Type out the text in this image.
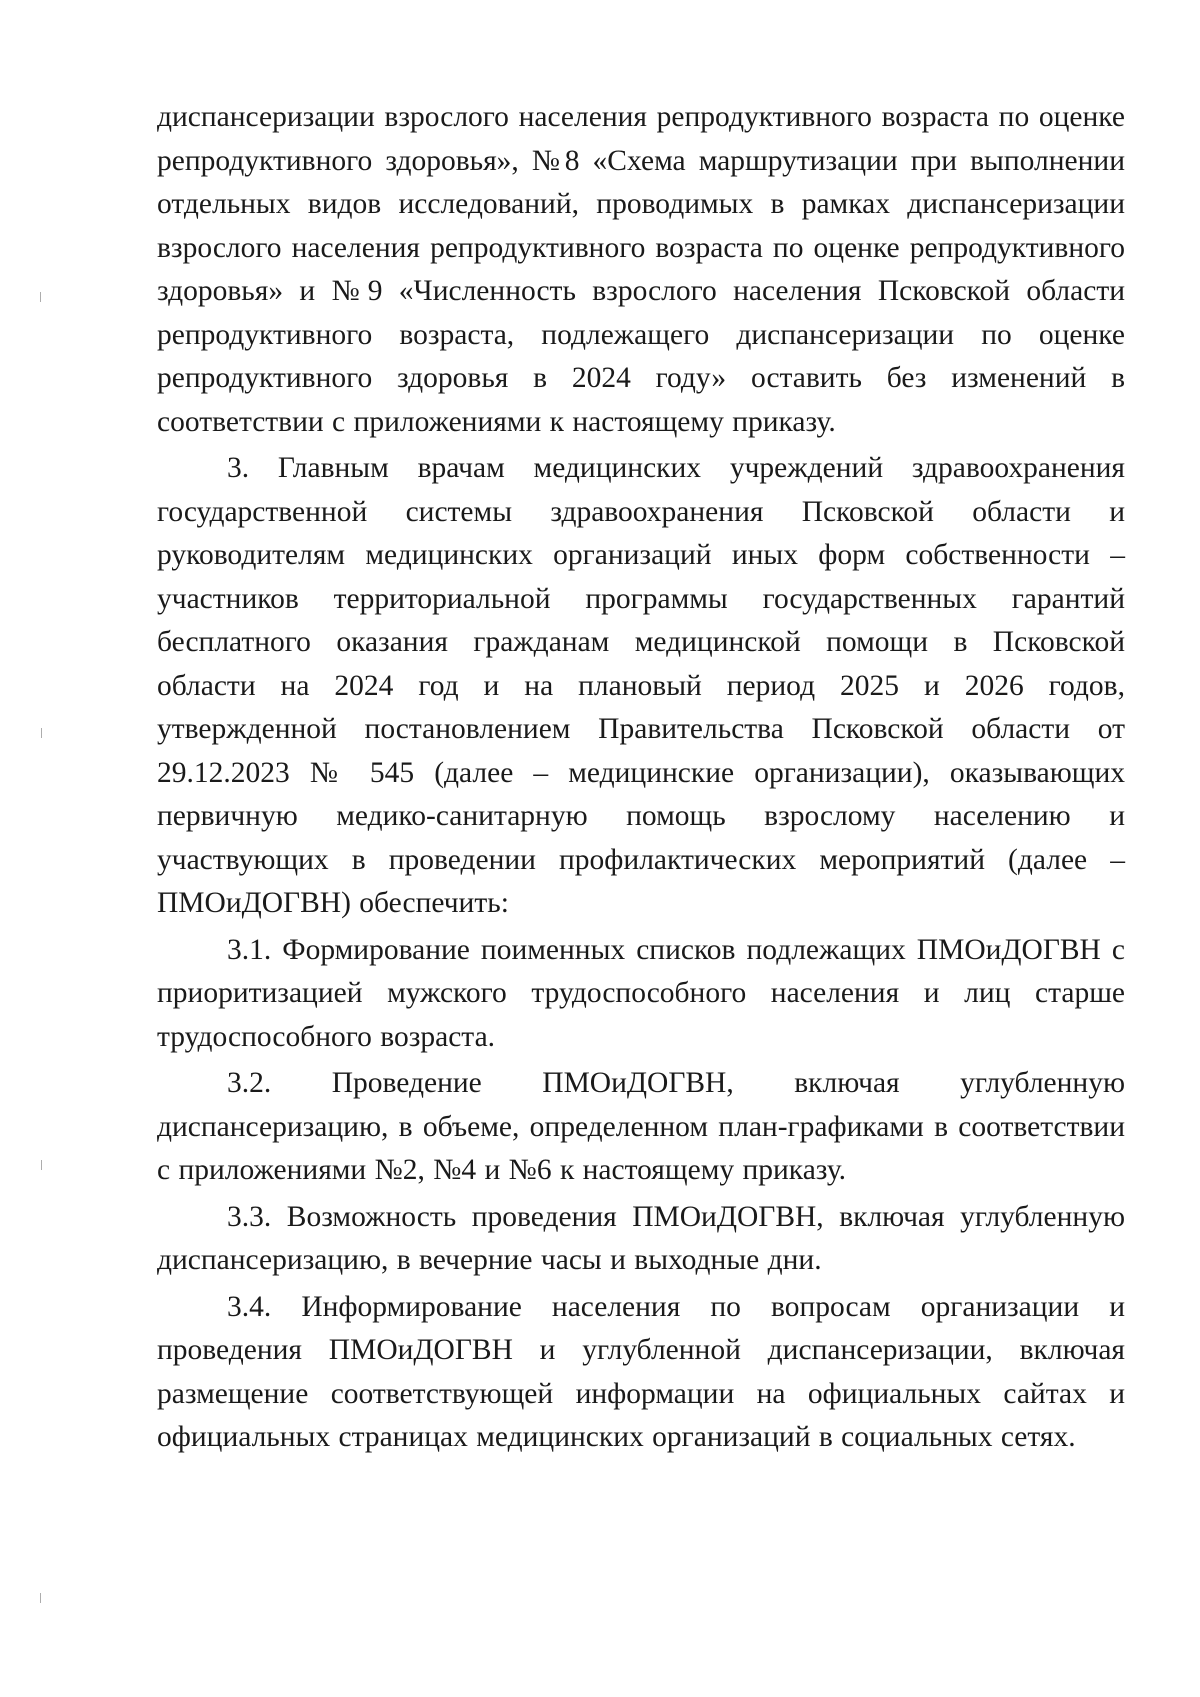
диспансеризации взрослого населения репродуктивного возраста по оценке репродуктивного здоровья», №8 «Схема маршрутизации при выполнении отдельных видов исследований, проводимых в рамках диспансеризации взрослого населения репродуктивного возраста по оценке репродуктивного здоровья» и №9 «Численность взрослого населения Псковской области репродуктивного возраста, подлежащего диспансеризации по оценке репродуктивного здоровья в 2024 году» оставить без изменений в соответствии с приложениями к настоящему приказу.

3. Главным врачам медицинских учреждений здравоохранения государственной системы здравоохранения Псковской области и руководителям медицинских организаций иных форм собственности – участников территориальной программы государственных гарантий бесплатного оказания гражданам медицинской помощи в Псковской области на 2024 год и на плановый период 2025 и 2026 годов, утвержденной постановлением Правительства Псковской области от 29.12.2023 № 545 (далее – медицинские организации), оказывающих первичную медико-санитарную помощь взрослому населению и участвующих в проведении профилактических мероприятий (далее – ПМОиДОГВН) обеспечить:

3.1. Формирование поименных списков подлежащих ПМОиДОГВН с приоритизацией мужского трудоспособного населения и лиц старше трудоспособного возраста.

3.2. Проведение ПМОиДОГВН, включая углубленную диспансеризацию, в объеме, определенном план-графиками в соответствии с приложениями №2, №4 и №6 к настоящему приказу.

3.3. Возможность проведения ПМОиДОГВН, включая углубленную диспансеризацию, в вечерние часы и выходные дни.

3.4. Информирование населения по вопросам организации и проведения ПМОиДОГВН и углубленной диспансеризации, включая размещение соответствующей информации на официальных сайтах и официальных страницах медицинских организаций в социальных сетях.
